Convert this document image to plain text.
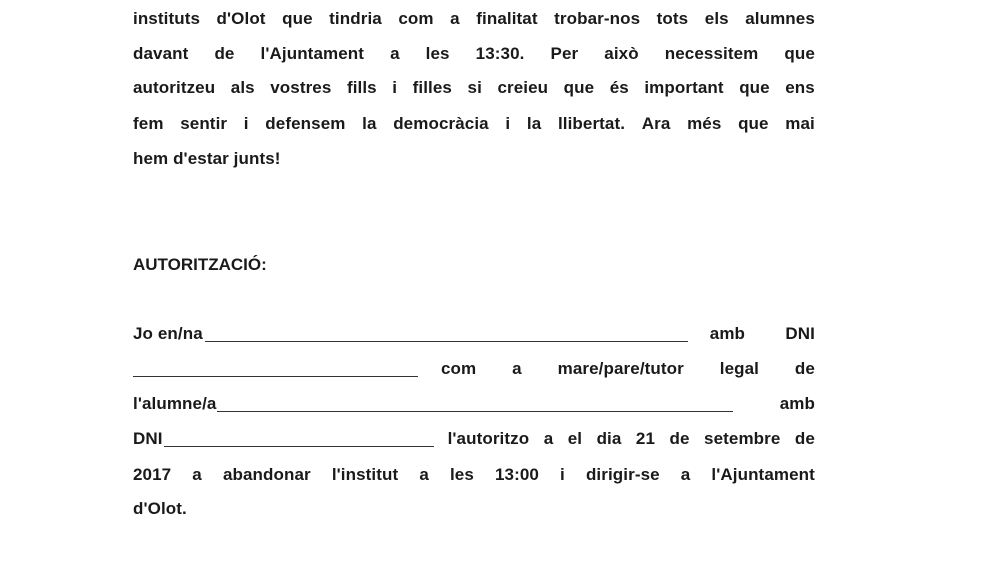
instituts d'Olot que tindria com a finalitat trobar-nos tots els alumnes
davant de l'Ajuntament a les 13:30. Per això necessitem que
autoritzeu als vostres fills i filles si creieu que és important que ens
fem sentir i defensem la democràcia i la llibertat. Ara més que mai
hem d'estar junts!
AUTORITZACIÓ:
Jo en/na	amb DNI
com a mare/pare/tutor legal de
l'alumne/a	amb
DNI	l'autoritzo a el dia 21 de setembre de
2017 a abandonar l'institut a les 13:00 i dirigir-se a l'Ajuntament
d'Olot.
